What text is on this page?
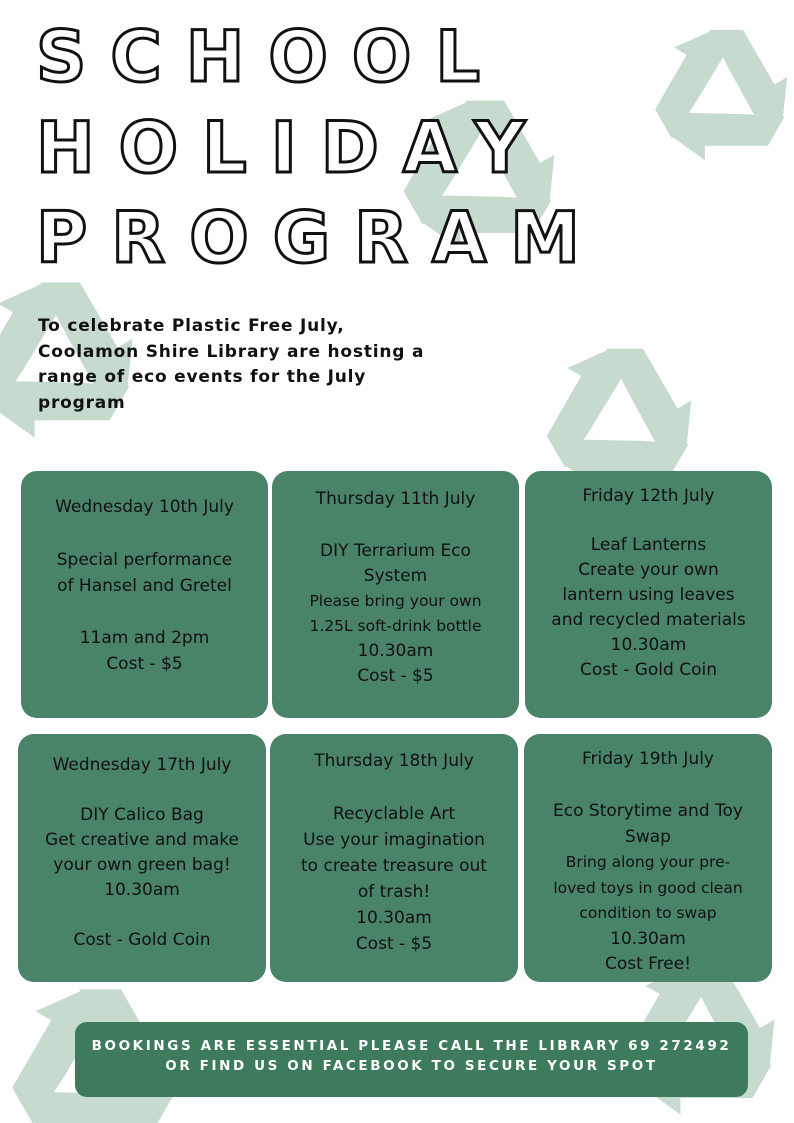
SCHOOL
HOLIDAY
PROGRAM

To celebrate Plastic Free July, Coolamon Shire Library are hosting a range of eco events for the July program

Wednesday 10th July
Special performance
of Hansel and Gretel
11am and 2pm
Cost - $5
Thursday 11th July
DIY Terrarium Eco
System
Please bring your own
1.25L soft-drink bottle
10.30am
Cost - $5
Friday 12th July
Leaf Lanterns
Create your own
lantern using leaves
and recycled materials
10.30am
Cost - Gold Coin
Wednesday 17th July
DIY Calico Bag
Get creative and make
your own green bag!
10.30am
Cost - Gold Coin
Thursday 18th July
Recyclable Art
Use your imagination
to create treasure out
of trash!
10.30am
Cost - $5
Friday 19th July
Eco Storytime and Toy
Swap
Bring along your pre-
loved toys in good clean
condition to swap
10.30am
Cost Free!
BOOKINGS ARE ESSENTIAL PLEASE CALL THE LIBRARY 69 272492
OR FIND US ON FACEBOOK TO SECURE YOUR SPOT
